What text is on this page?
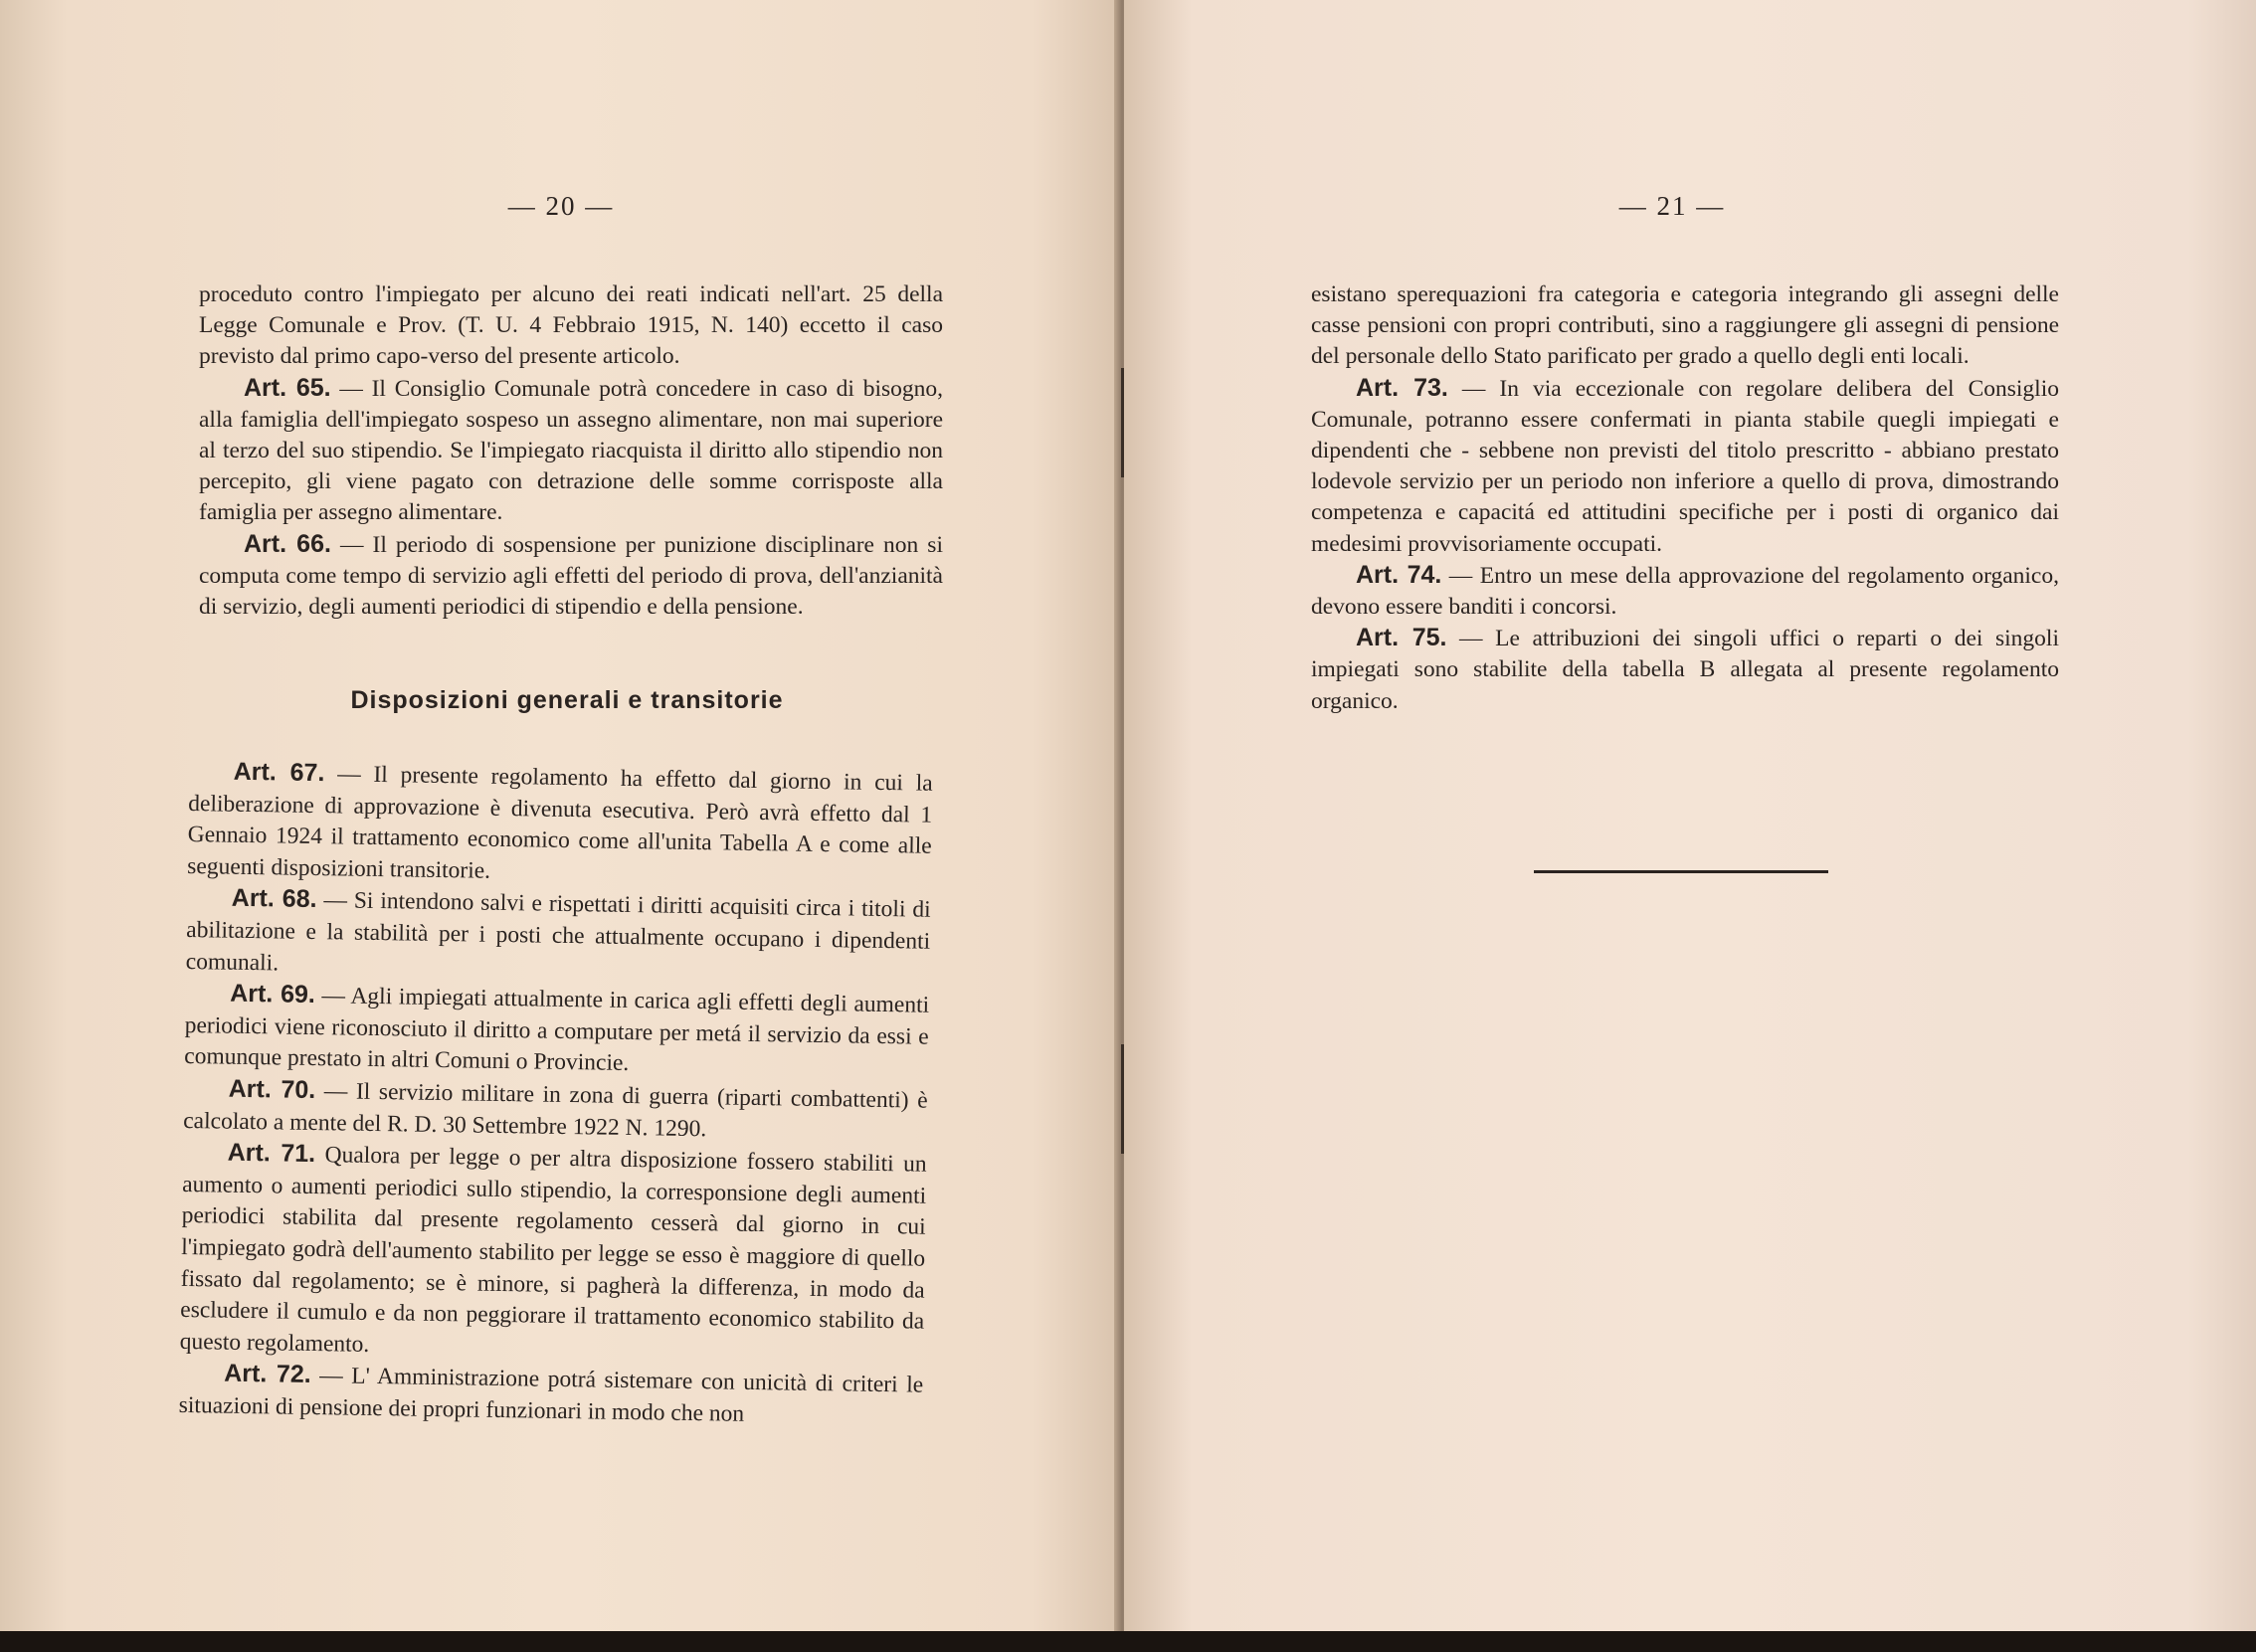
— 20 —

proceduto contro l'impiegato per alcuno dei reati indicati nell'art. 25 della Legge Comunale e Prov. (T. U. 4 Febbraio 1915, N. 140) eccetto il caso previsto dal primo capo-verso del presente articolo.

Art. 65. — Il Consiglio Comunale potrà concedere in caso di bisogno, alla famiglia dell'impiegato sospeso un assegno alimentare, non mai superiore al terzo del suo stipendio. Se l'impiegato riacquista il diritto allo stipendio non percepito, gli viene pagato con detrazione delle somme corrisposte alla famiglia per assegno alimentare.

Art. 66. — Il periodo di sospensione per punizione disciplinare non si computa come tempo di servizio agli effetti del periodo di prova, dell'anzianità di servizio, degli aumenti periodici di stipendio e della pensione.

Disposizioni generali e transitorie

Art. 67. — Il presente regolamento ha effetto dal giorno in cui la deliberazione di approvazione è divenuta esecutiva. Però avrà effetto dal 1 Gennaio 1924 il trattamento economico come all'unita Tabella A e come alle seguenti disposizioni transitorie.

Art. 68. — Si intendono salvi e rispettati i diritti acquisiti circa i titoli di abilitazione e la stabilità per i posti che attualmente occupano i dipendenti comunali.

Art. 69. — Agli impiegati attualmente in carica agli effetti degli aumenti periodici viene riconosciuto il diritto a computare per metá il servizio da essi e comunque prestato in altri Comuni o Provincie.

Art. 70. — Il servizio militare in zona di guerra (riparti combattenti) è calcolato a mente del R. D. 30 Settembre 1922 N. 1290.

Art. 71. Qualora per legge o per altra disposizione fossero stabiliti un aumento o aumenti periodici sullo stipendio, la corresponsione degli aumenti periodici stabilita dal presente regolamento cesserà dal giorno in cui l'impiegato godrà dell'aumento stabilito per legge se esso è maggiore di quello fissato dal regolamento; se è minore, si pagherà la differenza, in modo da escludere il cumulo e da non peggiorare il trattamento economico stabilito da questo regolamento.

Art. 72. — L' Amministrazione potrá sistemare con unicità di criteri le situazioni di pensione dei propri funzionari in modo che non

— 21 —

esistano sperequazioni fra categoria e categoria integrando gli assegni delle casse pensioni con propri contributi, sino a raggiungere gli assegni di pensione del personale dello Stato parificato per grado a quello degli enti locali.

Art. 73. — In via eccezionale con regolare delibera del Consiglio Comunale, potranno essere confermati in pianta stabile quegli impiegati e dipendenti che - sebbene non previsti del titolo prescritto - abbiano prestato lodevole servizio per un periodo non inferiore a quello di prova, dimostrando competenza e capacitá ed attitudini specifiche per i posti di organico dai medesimi provvisoriamente occupati.

Art. 74. — Entro un mese della approvazione del regolamento organico, devono essere banditi i concorsi.

Art. 75. — Le attribuzioni dei singoli uffici o reparti o dei singoli impiegati sono stabilite della tabella B allegata al presente regolamento organico.
